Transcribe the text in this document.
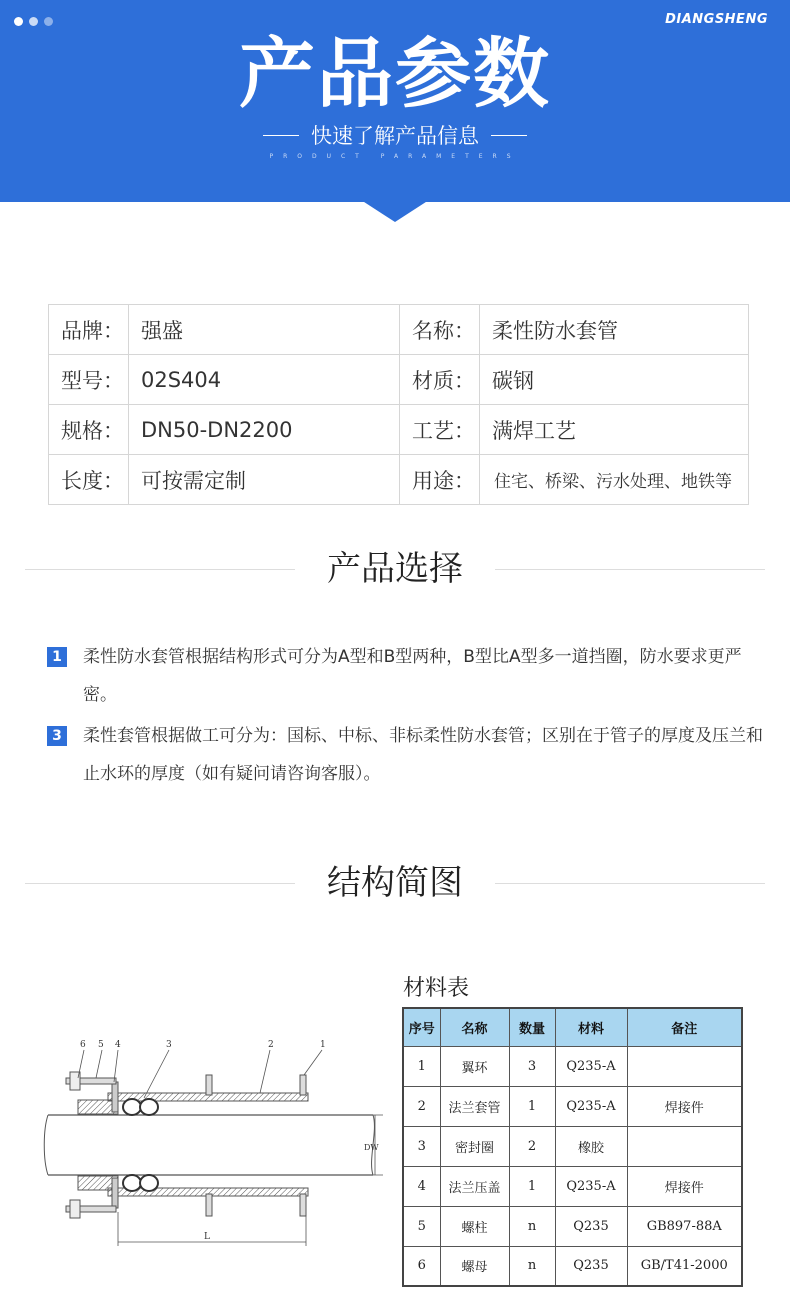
DIANGSHENG
产品参数
快速了解产品信息
PRODUCT PARAMETERS
品牌：	强盛	名称：	柔性防水套管
型号：	02S404	材质：	碳钢
规格：	DN50-DN2200	工艺：	满焊工艺
长度：	可按需定制	用途：	住宅、桥梁、污水处理、地铁等
产品选择
1	柔性防水套管根据结构形式可分为A型和B型两种，B型比A型多一道挡圈，防水要求更严密。
3	柔性套管根据做工可分为：国标、中标、非标柔性防水套管；区别在于管子的厚度及压兰和止水环的厚度（如有疑问请咨询客服）。
结构简图
6 5 4	3	2	1
DW
L
材料表
序号	名称	数量	材料	备注
1	翼环	3	Q235-A	
2	法兰套管	1	Q235-A	焊接件
3	密封圈	2	橡胶	
4	法兰压盖	1	Q235-A	焊接件
5	螺柱	n	Q235	GB897-88A
6	螺母	n	Q235	GB/T41-2000
